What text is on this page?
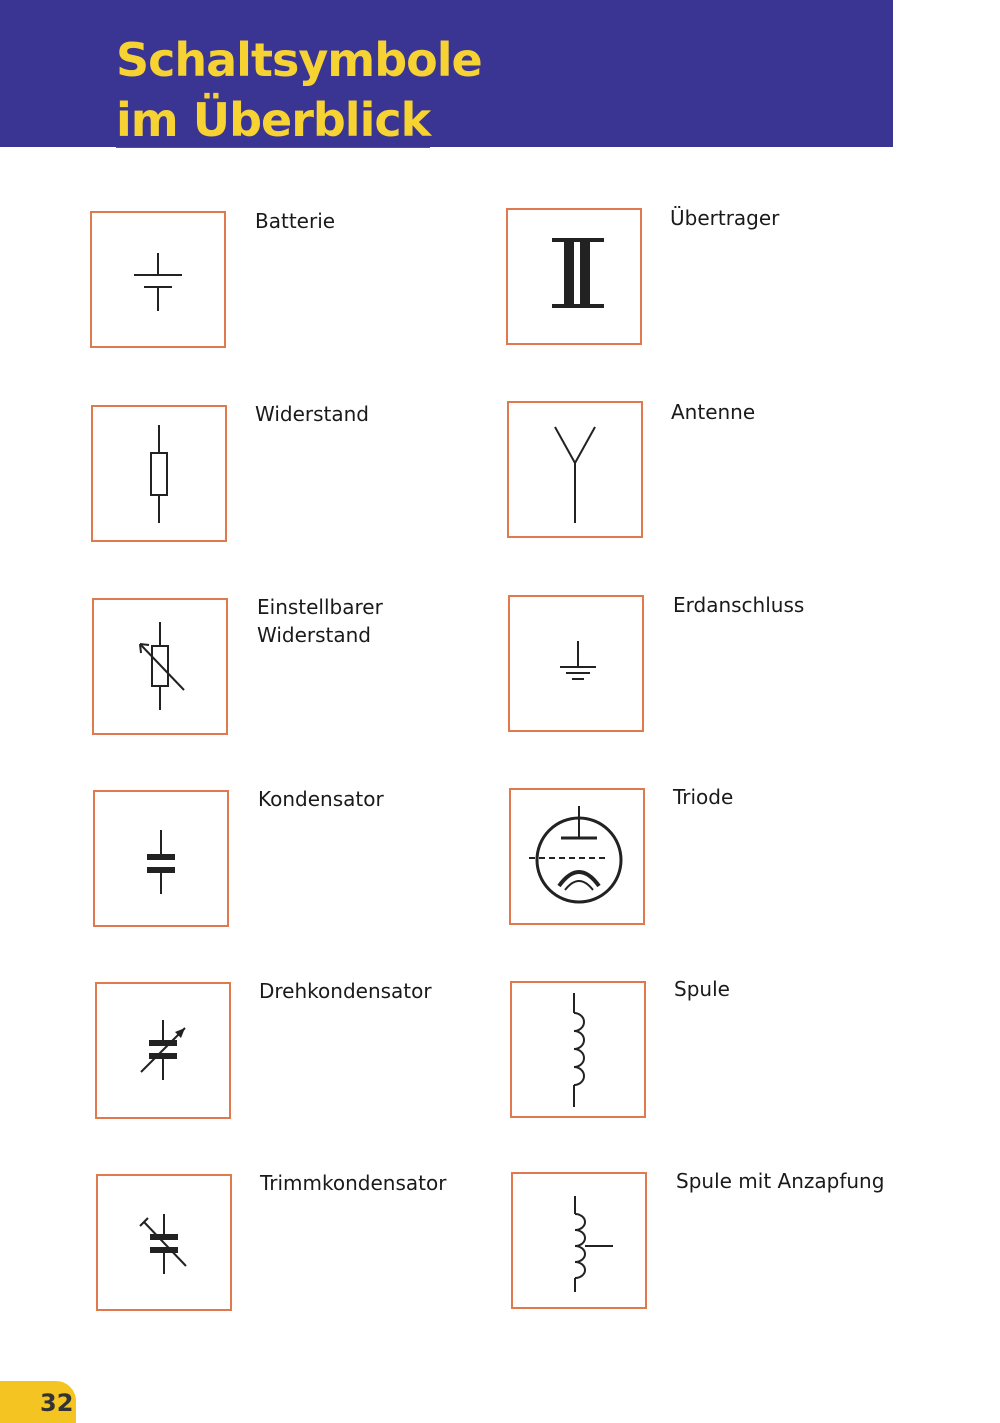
Schaltsymbole
im Überblick
Batterie
Widerstand
Einstellbarer
Widerstand
Kondensator
Drehkondensator
Trimmkondensator
Übertrager
Antenne
Erdanschluss
Triode
Spule
Spule mit Anzapfung
32
